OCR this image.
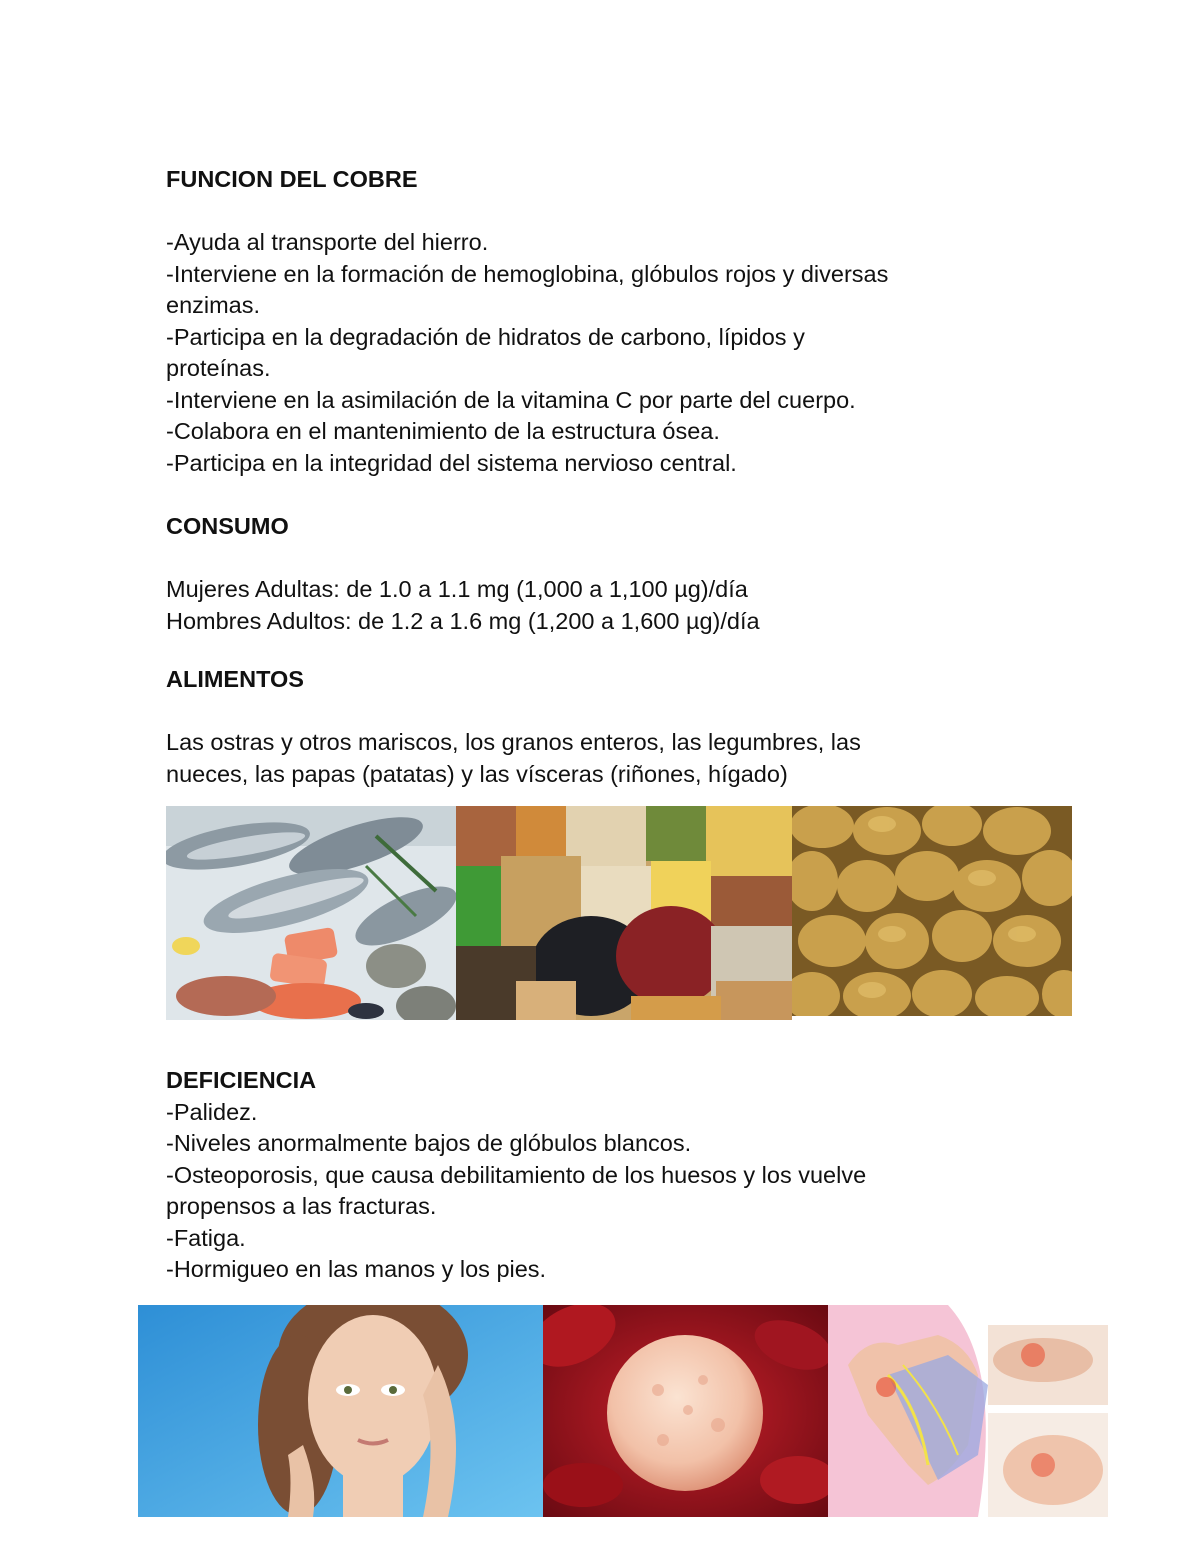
FUNCION DEL COBRE

-Ayuda al transporte del hierro.

-Interviene en la formación de hemoglobina, glóbulos rojos y diversas

enzimas.

-Participa en la degradación de hidratos de carbono, lípidos y

proteínas.

-Interviene en la asimilación de la vitamina C por parte del cuerpo.

-Colabora en el mantenimiento de la estructura ósea.

-Participa en la integridad del sistema nervioso central.

CONSUMO

Mujeres Adultas: de 1.0 a 1.1 mg (1,000 a 1,100 µg)/día

Hombres Adultos: de 1.2 a 1.6 mg (1,200 a 1,600 µg)/día

ALIMENTOS

Las ostras y otros mariscos, los granos enteros, las legumbres, las

nueces, las papas (patatas) y las vísceras (riñones, hígado)

DEFICIENCIA

-Palidez.

-Niveles anormalmente bajos de glóbulos blancos.

-Osteoporosis, que causa debilitamiento de los huesos y los vuelve

propensos a las fracturas.

-Fatiga.

-Hormigueo en las manos y los pies.
